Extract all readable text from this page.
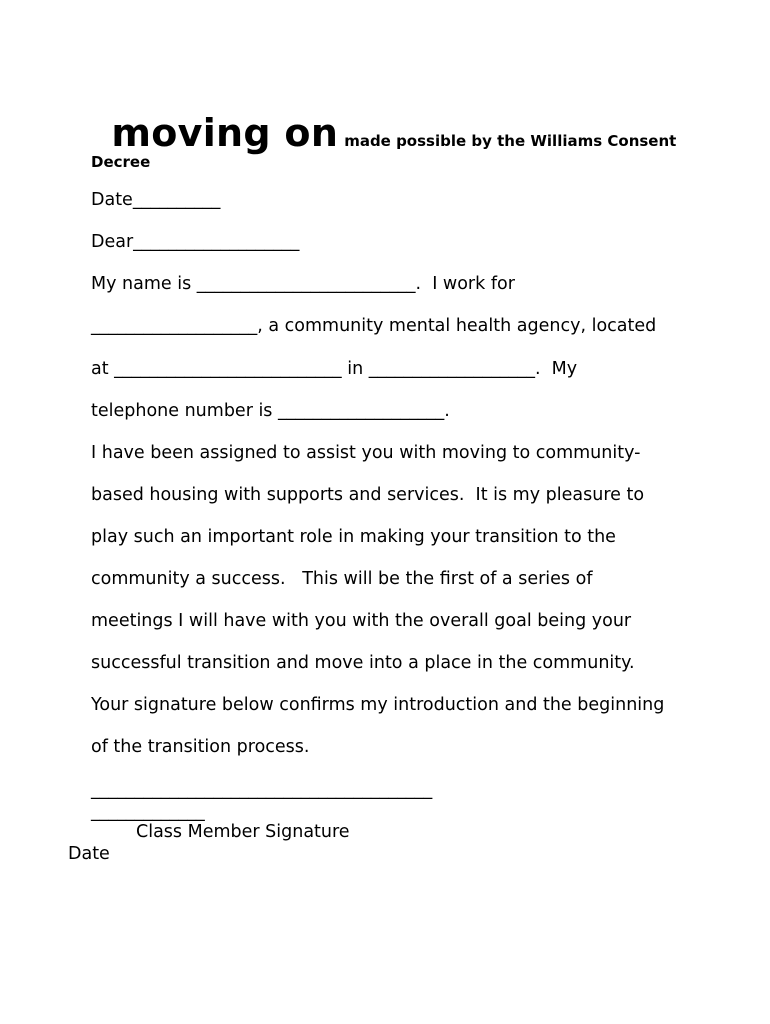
moving on made possible by the Williams Consent

Decree
Date__________
Dear___________________
My name is _________________________.  I work for
___________________, a community mental health agency, located
at __________________________ in ___________________.  My
telephone number is ___________________.
I have been assigned to assist you with moving to community-
based housing with supports and services.  It is my pleasure to
play such an important role in making your transition to the
community a success.   This will be the first of a series of
meetings I will have with you with the overall goal being your
successful transition and move into a place in the community.
Your signature below confirms my introduction and the beginning
of the transition process.
_______________________________________
_____________
Class Member Signature
Date
